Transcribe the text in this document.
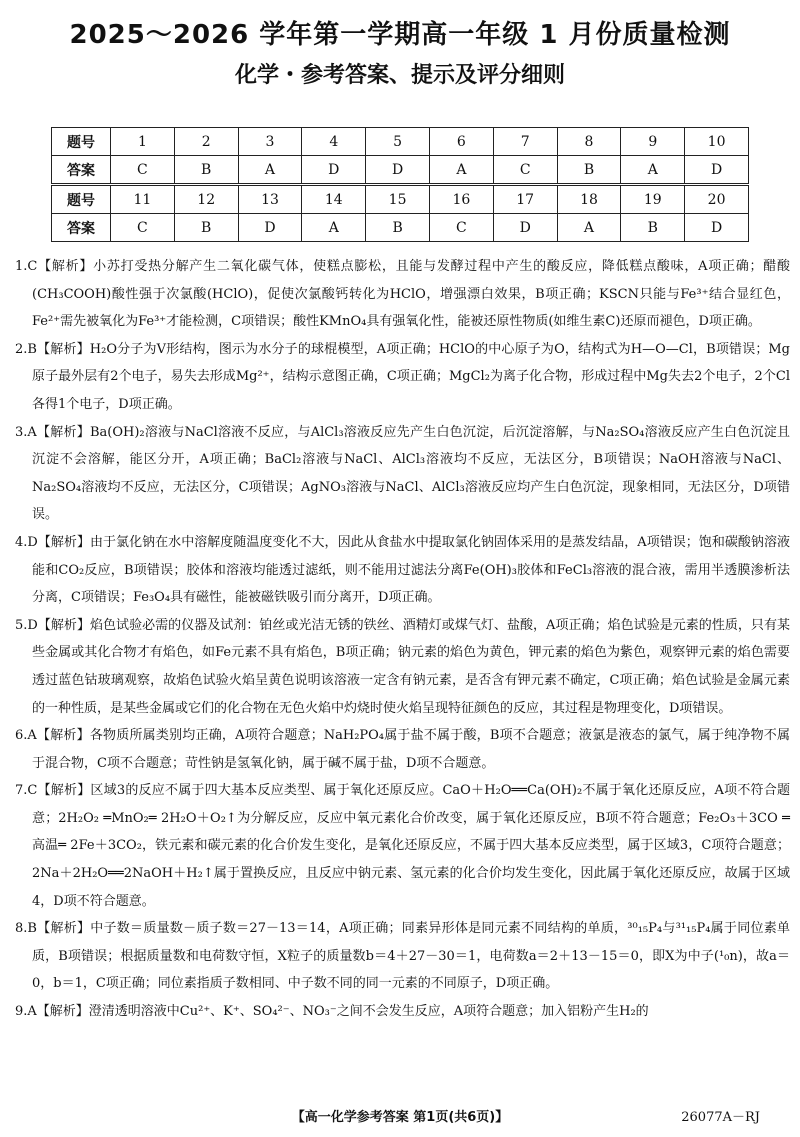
2025～2026 学年第一学期高一年级 1 月份质量检测
化学・参考答案、提示及评分细则
题号	1	2	3	4	5	6	7	8	9	10
答案	C	B	A	D	D	A	C	B	A	D
题号	11	12	13	14	15	16	17	18	19	20
答案	C	B	D	A	B	C	D	A	B	D

1.C【解析】小苏打受热分解产生二氧化碳气体，使糕点膨松，且能与发酵过程中产生的酸反应，降低糕点酸味，A项正确；醋酸(CH₃COOH)酸性强于次氯酸(HClO)，促使次氯酸钙转化为HClO，增强漂白效果，B项正确；KSCN只能与Fe³⁺结合显红色，Fe²⁺需先被氧化为Fe³⁺才能检测，C项错误；酸性KMnO₄具有强氧化性，能被还原性物质(如维生素C)还原而褪色，D项正确。

2.B【解析】H₂O分子为V形结构，图示为水分子的球棍模型，A项正确；HClO的中心原子为O，结构式为H—O—Cl，B项错误；Mg原子最外层有2个电子，易失去形成Mg²⁺，结构示意图正确，C项正确；MgCl₂为离子化合物，形成过程中Mg失去2个电子，2个Cl各得1个电子，D项正确。

3.A【解析】Ba(OH)₂溶液与NaCl溶液不反应，与AlCl₃溶液反应先产生白色沉淀，后沉淀溶解，与Na₂SO₄溶液反应产生白色沉淀且沉淀不会溶解，能区分开，A项正确；BaCl₂溶液与NaCl、AlCl₃溶液均不反应，无法区分，B项错误；NaOH溶液与NaCl、Na₂SO₄溶液均不反应，无法区分，C项错误；AgNO₃溶液与NaCl、AlCl₃溶液反应均产生白色沉淀，现象相同，无法区分，D项错误。

4.D【解析】由于氯化钠在水中溶解度随温度变化不大，因此从食盐水中提取氯化钠固体采用的是蒸发结晶，A项错误；饱和碳酸钠溶液能和CO₂反应，B项错误；胶体和溶液均能透过滤纸，则不能用过滤法分离Fe(OH)₃胶体和FeCl₃溶液的混合液，需用半透膜渗析法分离，C项错误；Fe₃O₄具有磁性，能被磁铁吸引而分离开，D项正确。

5.D【解析】焰色试验必需的仪器及试剂：铂丝或光洁无锈的铁丝、酒精灯或煤气灯、盐酸，A项正确；焰色试验是元素的性质，只有某些金属或其化合物才有焰色，如Fe元素不具有焰色，B项正确；钠元素的焰色为黄色，钾元素的焰色为紫色，观察钾元素的焰色需要透过蓝色钴玻璃观察，故焰色试验火焰呈黄色说明该溶液一定含有钠元素，是否含有钾元素不确定，C项正确；焰色试验是金属元素的一种性质，是某些金属或它们的化合物在无色火焰中灼烧时使火焰呈现特征颜色的反应，其过程是物理变化，D项错误。

6.A【解析】各物质所属类别均正确，A项符合题意；NaH₂PO₄属于盐不属于酸，B项不合题意；液氯是液态的氯气，属于纯净物不属于混合物，C项不合题意；苛性钠是氢氧化钠，属于碱不属于盐，D项不合题意。

7.C【解析】区域3的反应不属于四大基本反应类型、属于氧化还原反应。CaO＋H₂O══Ca(OH)₂不属于氧化还原反应，A项不符合题意；2H₂O₂ ═MnO₂═ 2H₂O＋O₂↑为分解反应，反应中氧元素化合价改变，属于氧化还原反应，B项不符合题意；Fe₂O₃＋3CO ═高温═ 2Fe＋3CO₂，铁元素和碳元素的化合价发生变化，是氧化还原反应，不属于四大基本反应类型，属于区域3，C项符合题意；2Na＋2H₂O══2NaOH＋H₂↑属于置换反应，且反应中钠元素、氢元素的化合价均发生变化，因此属于氧化还原反应，故属于区域4，D项不符合题意。

8.B【解析】中子数＝质量数－质子数＝27－13＝14，A项正确；同素异形体是同元素不同结构的单质，³⁰₁₅P₄与³¹₁₅P₄属于同位素单质，B项错误；根据质量数和电荷数守恒，X粒子的质量数b＝4＋27－30＝1，电荷数a＝2＋13－15＝0，即X为中子(¹₀n)，故a＝0，b＝1，C项正确；同位素指质子数相同、中子数不同的同一元素的不同原子，D项正确。

9.A【解析】澄清透明溶液中Cu²⁺、K⁺、SO₄²⁻、NO₃⁻之间不会发生反应，A项符合题意；加入铝粉产生H₂的

【高一化学参考答案 第1页(共6页)】	26077A－RJ
